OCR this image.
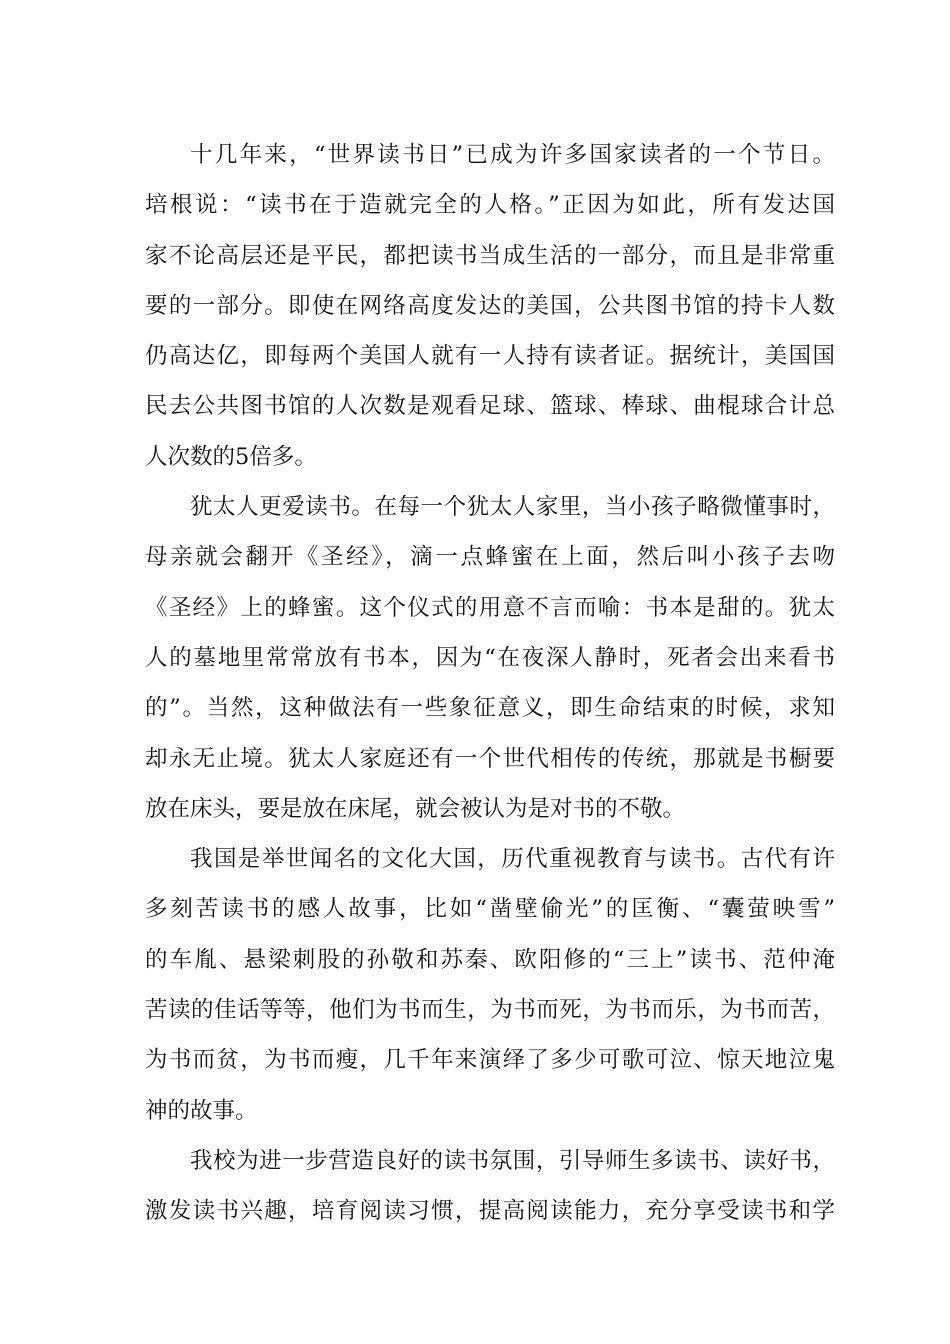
十几年来，“世界读书日”已成为许多国家读者的一个节日。
培根说：“读书在于造就完全的人格。”正因为如此，所有发达国
家不论高层还是平民，都把读书当成生活的一部分，而且是非常重
要的一部分。即使在网络高度发达的美国，公共图书馆的持卡人数
仍高达亿，即每两个美国人就有一人持有读者证。据统计，美国国
民去公共图书馆的人次数是观看足球、篮球、棒球、曲棍球合计总
人次数的5倍多。
犹太人更爱读书。在每一个犹太人家里，当小孩子略微懂事时，
母亲就会翻开《圣经》，滴一点蜂蜜在上面，然后叫小孩子去吻
《圣经》上的蜂蜜。这个仪式的用意不言而喻：书本是甜的。犹太
人的墓地里常常放有书本，因为“在夜深人静时，死者会出来看书
的”。当然，这种做法有一些象征意义，即生命结束的时候，求知
却永无止境。犹太人家庭还有一个世代相传的传统，那就是书橱要
放在床头，要是放在床尾，就会被认为是对书的不敬。
我国是举世闻名的文化大国，历代重视教育与读书。古代有许
多刻苦读书的感人故事，比如“凿壁偷光”的匡衡、“囊萤映雪”
的车胤、悬梁刺股的孙敬和苏秦、欧阳修的“三上”读书、范仲淹
苦读的佳话等等，他们为书而生，为书而死，为书而乐，为书而苦，
为书而贫，为书而瘦，几千年来演绎了多少可歌可泣、惊天地泣鬼
神的故事。
我校为进一步营造良好的读书氛围，引导师生多读书、读好书，
激发读书兴趣，培育阅读习惯，提高阅读能力，充分享受读书和学
